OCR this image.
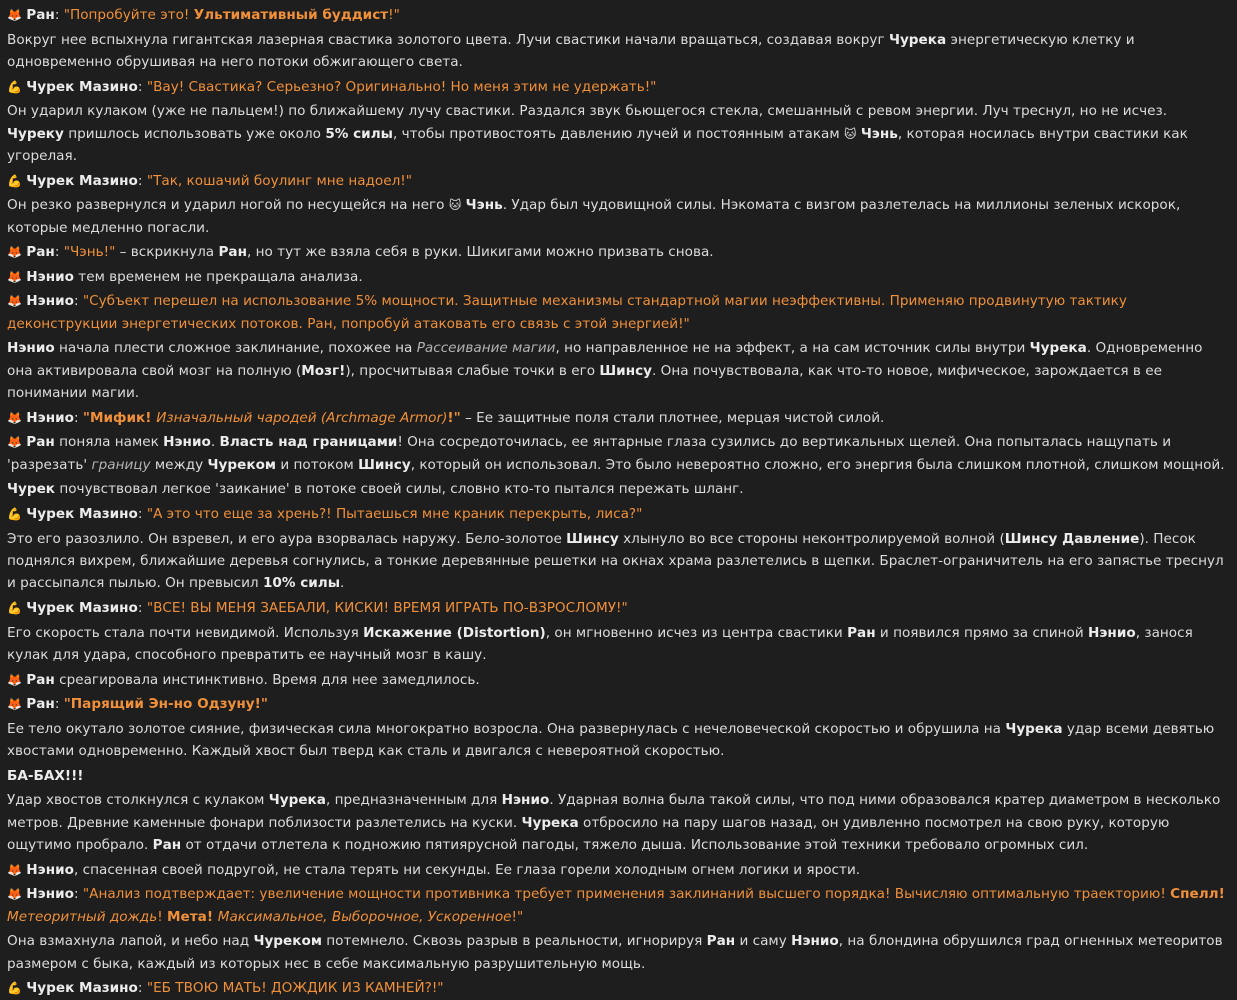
🦊 Ран: "Попробуйте это! Ультимативный буддист!"
Вокруг нее вспыхнула гигантская лазерная свастика золотого цвета. Лучи свастики начали вращаться, создавая вокруг Чурека энергетическую клетку и одновременно обрушивая на него потоки обжигающего света.
💪 Чурек Мазино: "Вау! Свастика? Серьезно? Оригинально! Но меня этим не удержать!"
Он ударил кулаком (уже не пальцем!) по ближайшему лучу свастики. Раздался звук бьющегося стекла, смешанный с ревом энергии. Луч треснул, но не исчез. Чуреку пришлось использовать уже около 5% силы, чтобы противостоять давлению лучей и постоянным атакам 🐱 Чэнь, которая носилась внутри свастики как угорелая.
💪 Чурек Мазино: "Так, кошачий боулинг мне надоел!"
Он резко развернулся и ударил ногой по несущейся на него 🐱 Чэнь. Удар был чудовищной силы. Нэкомата с визгом разлетелась на миллионы зеленых искорок, которые медленно погасли.
🦊 Ран: "Чэнь!" – вскрикнула Ран, но тут же взяла себя в руки. Шикигами можно призвать снова.
🦊 Нэнио тем временем не прекращала анализа.
🦊 Нэнио: "Субъект перешел на использование 5% мощности. Защитные механизмы стандартной магии неэффективны. Применяю продвинутую тактику деконструкции энергетических потоков. Ран, попробуй атаковать его связь с этой энергией!"
Нэнио начала плести сложное заклинание, похожее на Рассеивание магии, но направленное не на эффект, а на сам источник силы внутри Чурека. Одновременно она активировала свой мозг на полную (Мозг!), просчитывая слабые точки в его Шинсу. Она почувствовала, как что-то новое, мифическое, зарождается в ее понимании магии.
🦊 Нэнио: "Мифик! Изначальный чародей (Archmage Armor)!" – Ее защитные поля стали плотнее, мерцая чистой силой.
🦊 Ран поняла намек Нэнио. Власть над границами! Она сосредоточилась, ее янтарные глаза сузились до вертикальных щелей. Она попыталась нащупать и 'разрезать' границу между Чуреком и потоком Шинсу, который он использовал. Это было невероятно сложно, его энергия была слишком плотной, слишком мощной.
Чурек почувствовал легкое 'заикание' в потоке своей силы, словно кто-то пытался пережать шланг.
💪 Чурек Мазино: "А это что еще за хрень?! Пытаешься мне краник перекрыть, лиса?"
Это его разозлило. Он взревел, и его аура взорвалась наружу. Бело-золотое Шинсу хлынуло во все стороны неконтролируемой волной (Шинсу Давление). Песок поднялся вихрем, ближайшие деревья согнулись, а тонкие деревянные решетки на окнах храма разлетелись в щепки. Браслет-ограничитель на его запястье треснул и рассыпался пылью. Он превысил 10% силы.
💪 Чурек Мазино: "ВСЕ! ВЫ МЕНЯ ЗАЕБАЛИ, КИСКИ! ВРЕМЯ ИГРАТЬ ПО-ВЗРОСЛОМУ!"
Его скорость стала почти невидимой. Используя Искажение (Distortion), он мгновенно исчез из центра свастики Ран и появился прямо за спиной Нэнио, занося кулак для удара, способного превратить ее научный мозг в кашу.
🦊 Ран среагировала инстинктивно. Время для нее замедлилось.
🦊 Ран: "Парящий Эн-но Одзуну!"
Ее тело окутало золотое сияние, физическая сила многократно возросла. Она развернулась с нечеловеческой скоростью и обрушила на Чурека удар всеми девятью хвостами одновременно. Каждый хвост был тверд как сталь и двигался с невероятной скоростью.
БА-БАХ!!!
Удар хвостов столкнулся с кулаком Чурека, предназначенным для Нэнио. Ударная волна была такой силы, что под ними образовался кратер диаметром в несколько метров. Древние каменные фонари поблизости разлетелись на куски. Чурека отбросило на пару шагов назад, он удивленно посмотрел на свою руку, которую ощутимо пробрало. Ран от отдачи отлетела к подножию пятиярусной пагоды, тяжело дыша. Использование этой техники требовало огромных сил.
🦊 Нэнио, спасенная своей подругой, не стала терять ни секунды. Ее глаза горели холодным огнем логики и ярости.
🦊 Нэнио: "Анализ подтверждает: увеличение мощности противника требует применения заклинаний высшего порядка! Вычисляю оптимальную траекторию! Спелл! Метеоритный дождь! Мета! Максимальное, Выборочное, Ускоренное!"
Она взмахнула лапой, и небо над Чуреком потемнело. Сквозь разрыв в реальности, игнорируя Ран и саму Нэнио, на блондина обрушился град огненных метеоритов размером с быка, каждый из которых нес в себе максимальную разрушительную мощь.
💪 Чурек Мазино: "ЕБ ТВОЮ МАТЬ! ДОЖДИК ИЗ КАМНЕЙ?!"
